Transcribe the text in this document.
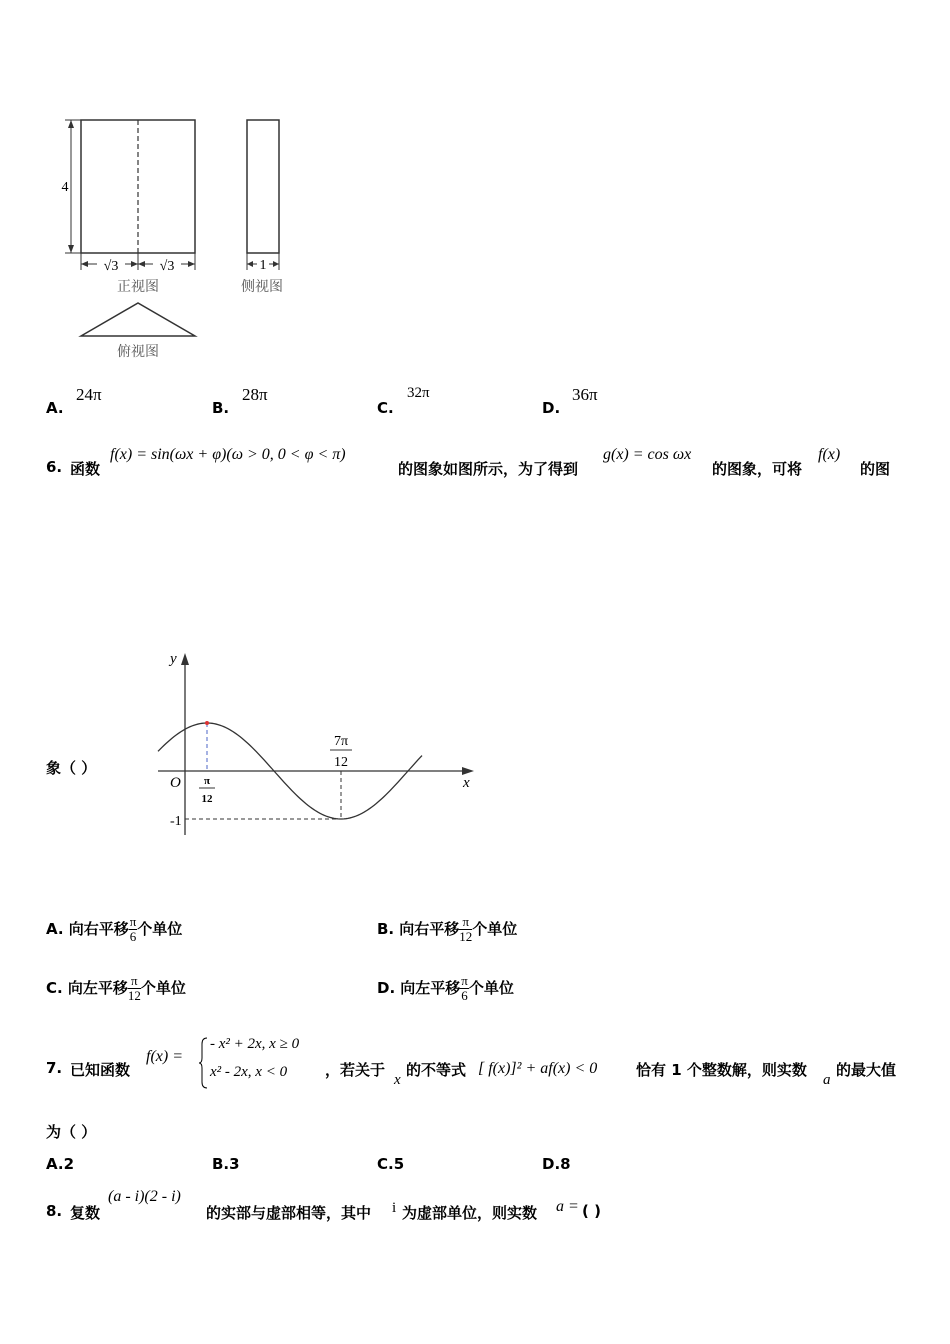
4
√3	√3
正视图
1
侧视图
俯视图
A.
24π
B.
28π
C.
32π
D.
36π
6. 函数
f(x) = sin(ωx + φ)(ω > 0, 0 < φ < π)
的图象如图所示，为了得到
g(x) = cos ωx
的图象，可将
f(x)
的图
象（ ）
y
x
O π
12
7π
12
-1
A. 向右平移 $\frac{\pi}{6}$ 个单位	B. 向右平移 $\frac{\pi}{12}$ 个单位
C. 向左平移 $\frac{\pi}{12}$ 个单位	D. 向左平移 $\frac{\pi}{6}$ 个单位
7. 已知函数
f(x) =
- x² + 2x, x ≥ 0
x² - 2x, x < 0	，若关于
x
的不等式 [ f(x)]² + af(x) < 0	恰有 1 个整数解，则实数
a
的最大值
为（ ）
A.2	B.3	C.5	D.8
8. 复数
(a - i)(2 - i)
的实部与虚部相等，其中 i 为虚部单位，则实数 a = ( )
